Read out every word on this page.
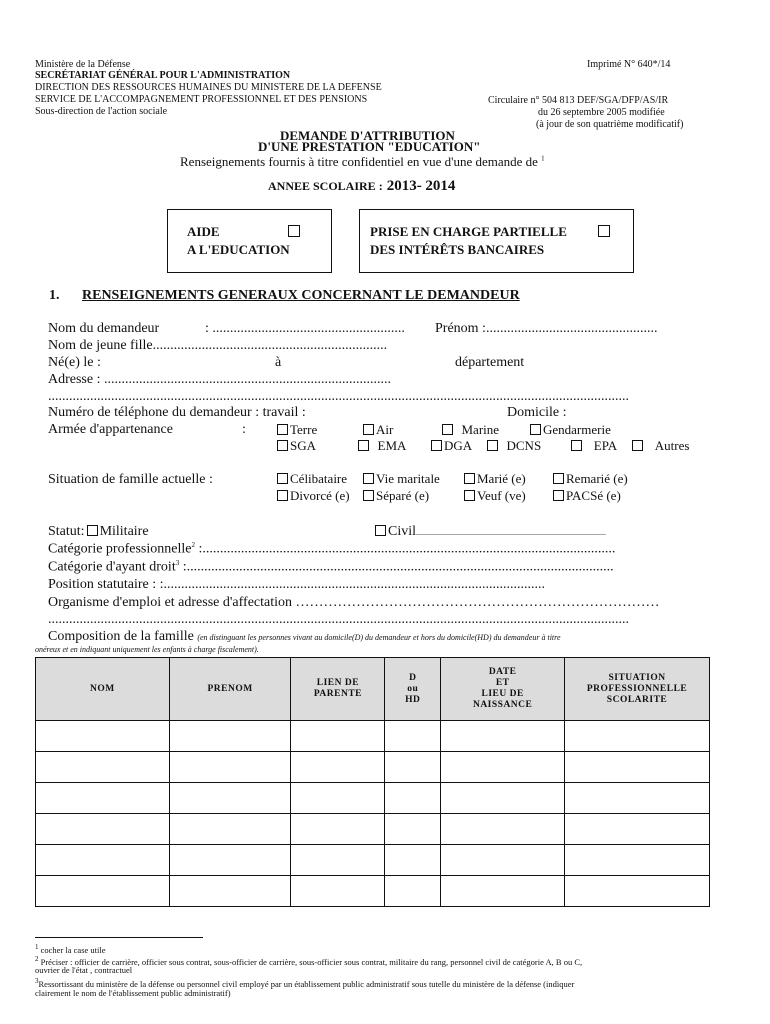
Ministère de la Défense
SECRÉTARIAT GÉNÉRAL POUR L'ADMINISTRATION
DIRECTION DES RESSOURCES HUMAINES DU MINISTERE DE LA DEFENSE
SERVICE DE L'ACCOMPAGNEMENT PROFESSIONNEL ET DES PENSIONS
Sous-direction de l'action sociale
Imprimé N° 640*/14
Circulaire n° 504 813 DEF/SGA/DFP/AS/IR
du 26 septembre 2005 modifiée
(à jour de son quatrième modificatif)
DEMANDE D'ATTRIBUTION
D'UNE PRESTATION "EDUCATION"
Renseignements fournis à titre confidentiel en vue d'une demande de $^1$
ANNEE SCOLAIRE : 2013- 2014
AIDE
A L'EDUCATION
PRISE EN CHARGE PARTIELLE
DES INTÉRÊTS BANCAIRES
1. RENSEIGNEMENTS GENERAUX CONCERNANT LE DEMANDEUR
Nom du demandeur	: ....................................................... Prénom :.................................................
Nom de jeune fille...................................................................
Né(e) le :	à	département
Adresse : ..................................................................................
......................................................................................................................................................................
Numéro de téléphone du demandeur : travail :	Domicile :
Armée d'appartenance	:	Terre	Air	Marine	Gendarmerie
SGA	EMA	DGA	DCNS	EPA	Autres
Situation de famille actuelle :	Célibataire	Vie maritale	Marié (e)	Remarié (e)
Divorcé (e)	Séparé (e)	Veuf (ve)	PACSé (e)
Statut: Militaire	Civil...............................................................................................
Catégorie professionnelle$^2$ :......................................................................................................................
Catégorie d'ayant droit$^3$ :..........................................................................................................................
Position statutaire : :.............................................................................................................
Organisme d'emploi et adresse d'affectation ……………………………………………………………………
......................................................................................................................................................................
Composition de la famille (en distinguant les personnes vivant au domicile(D) du demandeur et hors du domicile(HD) du demandeur à titre
onéreux et en indiquant uniquement les enfants à charge fiscalement).
NOM	PRENOM	LIEN DE
PARENTE	D
ou
HD	DATE
ET
LIEU DE
NAISSANCE	SITUATION
PROFESSIONNELLE
SCOLARITE

$^1$ cocher la case utile
$^2$ Préciser : officier de carrière, officier sous contrat, sous-officier de carrière, sous-officier sous contrat, militaire du rang, personnel civil de catégorie A, B ou C,
ouvrier de l'état , contractuel
$^3$Ressortissant du ministère de la défense ou personnel civil employé par un établissement public administratif sous tutelle du ministère de la défense (indiquer
clairement le nom de l'établissement public administratif)
